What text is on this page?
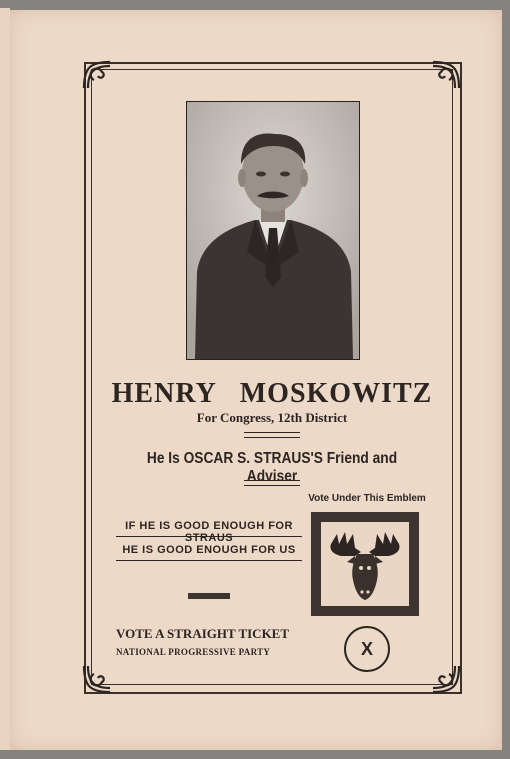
HENRY MOSKOWITZ
For Congress, 12th District
He Is OSCAR S. STRAUS'S Friend and Adviser
Vote Under This Emblem
IF HE IS GOOD ENOUGH FOR STRAUS
HE IS GOOD ENOUGH FOR US
VOTE A STRAIGHT TICKET
NATIONAL PROGRESSIVE PARTY	X
